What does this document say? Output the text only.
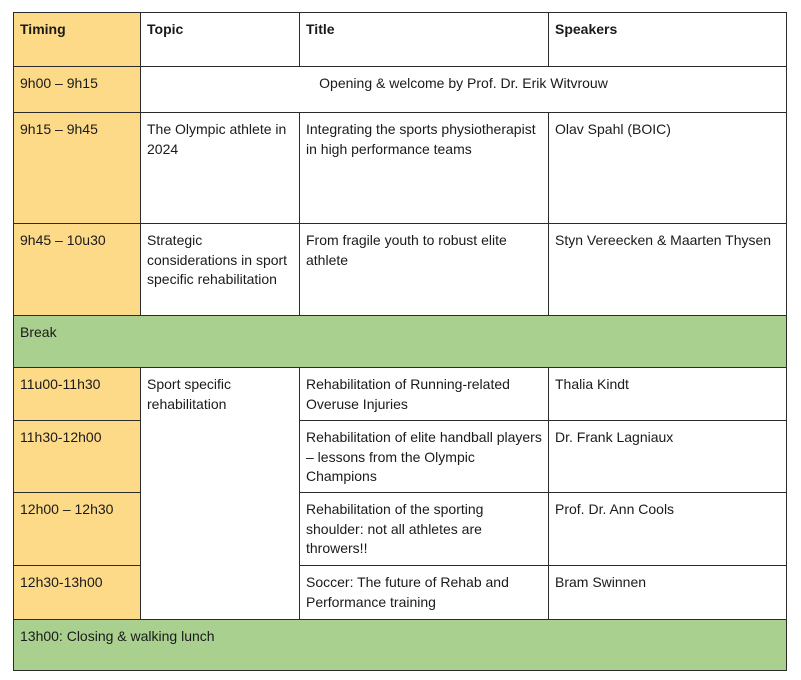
Timing	Topic	Title	Speakers
9h00 – 9h15	Opening & welcome by Prof. Dr. Erik Witvrouw		
9h15 – 9h45	The Olympic athlete in 2024	Integrating the sports physiotherapist in high performance teams	Olav Spahl (BOIC)
9h45 – 10u30	Strategic considerations in sport specific rehabilitation	From fragile youth to robust elite athlete	Styn Vereecken & Maarten Thysen
Break			
11u00-11h30	Sport specific rehabilitation	Rehabilitation of Running-related Overuse Injuries	Thalia Kindt
11h30-12h00		Rehabilitation of elite handball players – lessons from the Olympic Champions	Dr. Frank Lagniaux
12h00 – 12h30		Rehabilitation of the sporting shoulder: not all athletes are throwers!!	Prof. Dr. Ann Cools
12h30-13h00		Soccer: The future of Rehab and Performance training	Bram Swinnen
13h00: Closing & walking lunch			
